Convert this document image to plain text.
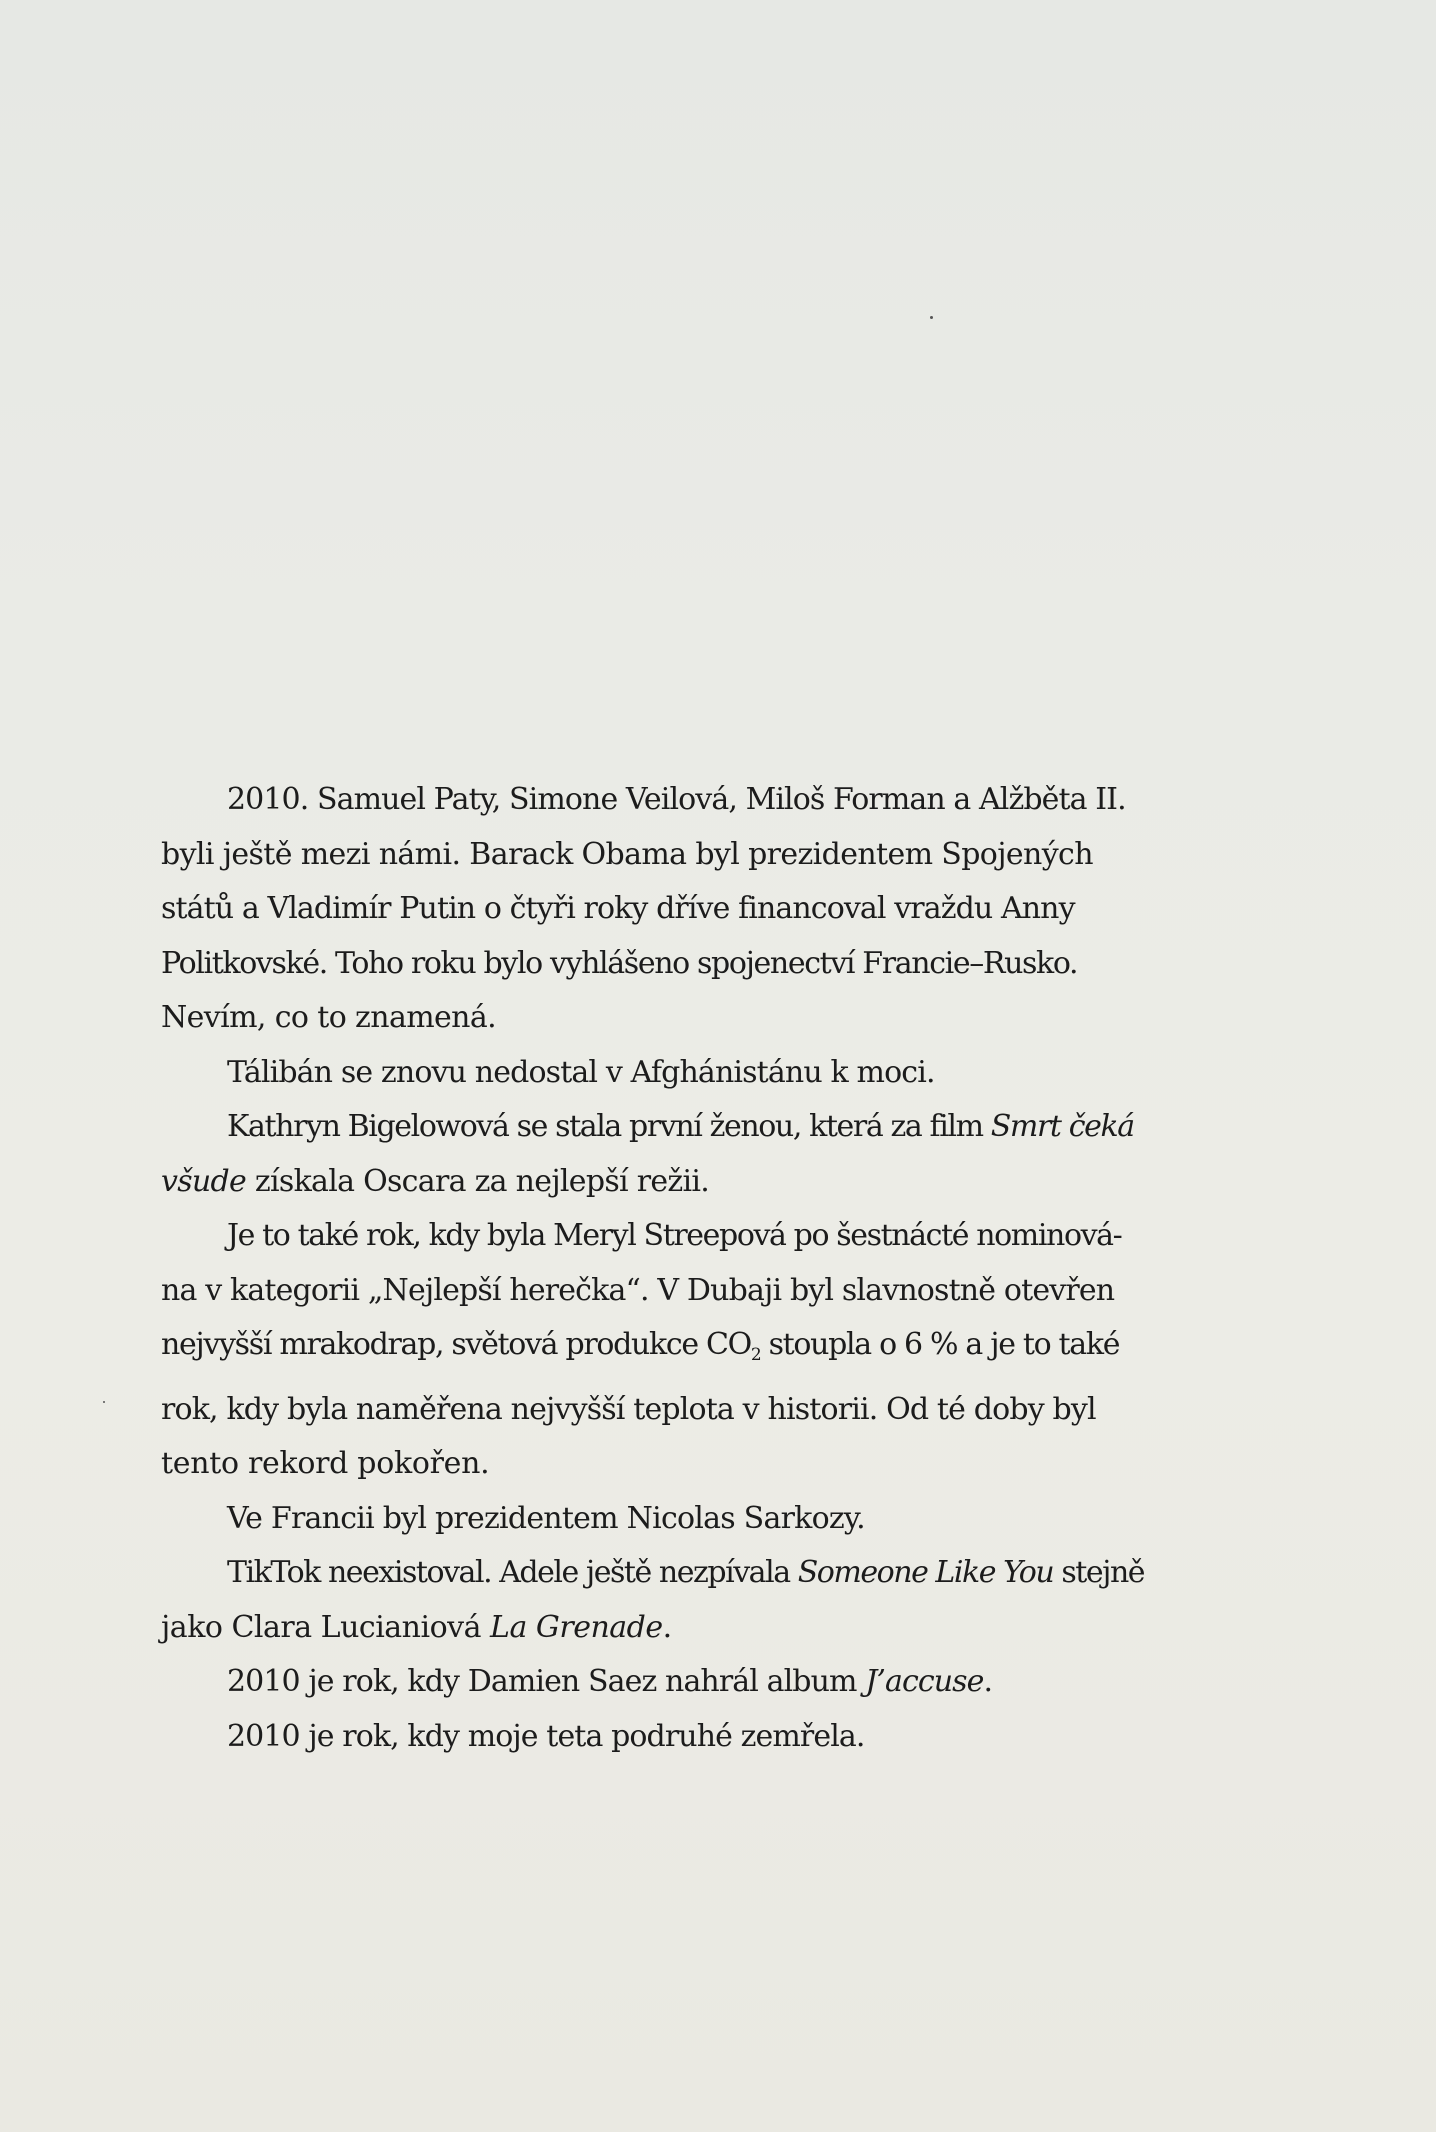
2010. Samuel Paty, Simone Veilová, Miloš Forman a Alžběta II.
byli ještě mezi námi. Barack Obama byl prezidentem Spojených
států a Vladimír Putin o čtyři roky dříve financoval vraždu Anny
Politkovské. Toho roku bylo vyhlášeno spojenectví Francie–Rusko.
Nevím, co to znamená.
Tálibán se znovu nedostal v Afghánistánu k moci.
Kathryn Bigelowová se stala první ženou, která za film Smrt čeká
všude získala Oscara za nejlepší režii.
Je to také rok, kdy byla Meryl Streepová po šestnácté nominová-
na v kategorii „Nejlepší herečka“. V Dubaji byl slavnostně otevřen
nejvyšší mrakodrap, světová produkce $CO_2$ stoupla o 6 % a je to také
rok, kdy byla naměřena nejvyšší teplota v historii. Od té doby byl
tento rekord pokořen.
Ve Francii byl prezidentem Nicolas Sarkozy.
TikTok neexistoval. Adele ještě nezpívala Someone Like You stejně
jako Clara Lucianiová La Grenade.
2010 je rok, kdy Damien Saez nahrál album J’accuse.
2010 je rok, kdy moje teta podruhé zemřela.
